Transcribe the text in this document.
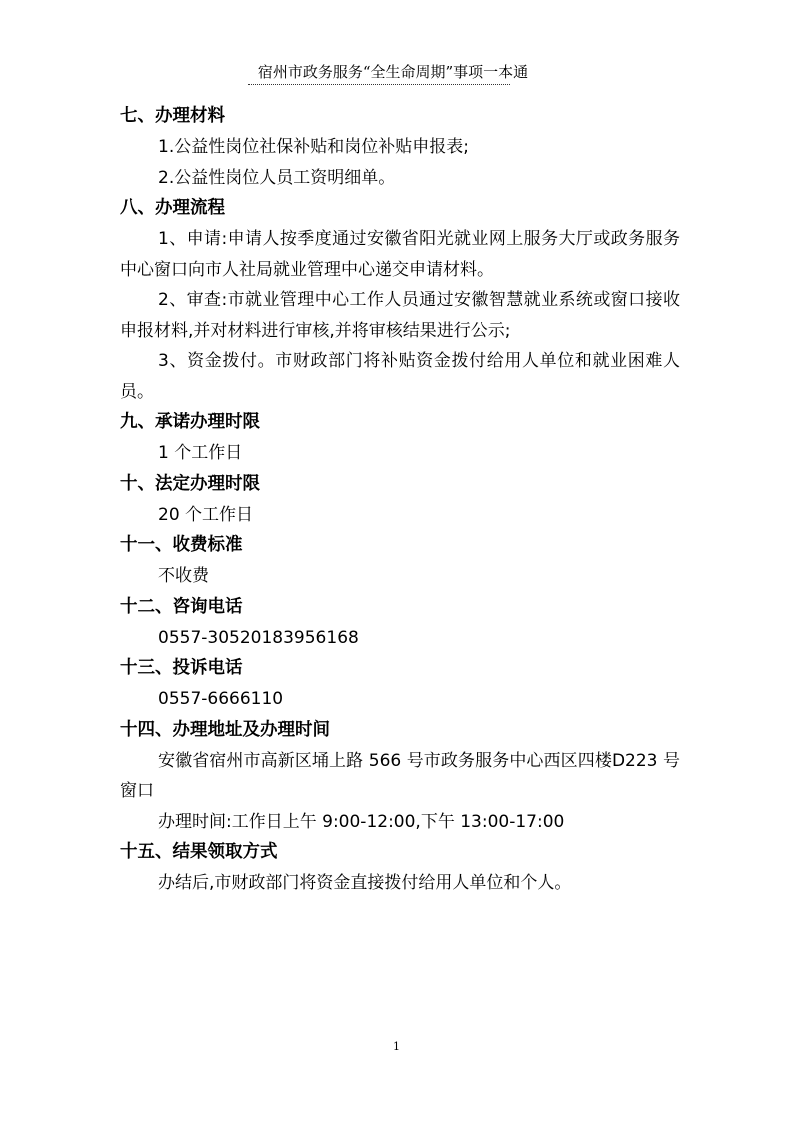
宿州市政务服务“全生命周期”事项一本通
七、办理材料
1.公益性岗位社保补贴和岗位补贴申报表;
2.公益性岗位人员工资明细单。
八、办理流程
1、申请:申请人按季度通过安徽省阳光就业网上服务大厅或政务服务中心窗口向市人社局就业管理中心递交申请材料。
2、审查:市就业管理中心工作人员通过安徽智慧就业系统或窗口接收申报材料,并对材料进行审核,并将审核结果进行公示;
3、资金拨付。市财政部门将补贴资金拨付给用人单位和就业困难人员。
九、承诺办理时限
1 个工作日
十、法定办理时限
20 个工作日
十一、收费标准
不收费
十二、咨询电话
0557-30520183956168
十三、投诉电话
0557-6666110
十四、办理地址及办理时间
安徽省宿州市高新区埇上路 566 号市政务服务中心西区四楼D223 号窗口
办理时间:工作日上午 9:00-12:00,下午 13:00-17:00
十五、结果领取方式
办结后,市财政部门将资金直接拨付给用人单位和个人。
1
